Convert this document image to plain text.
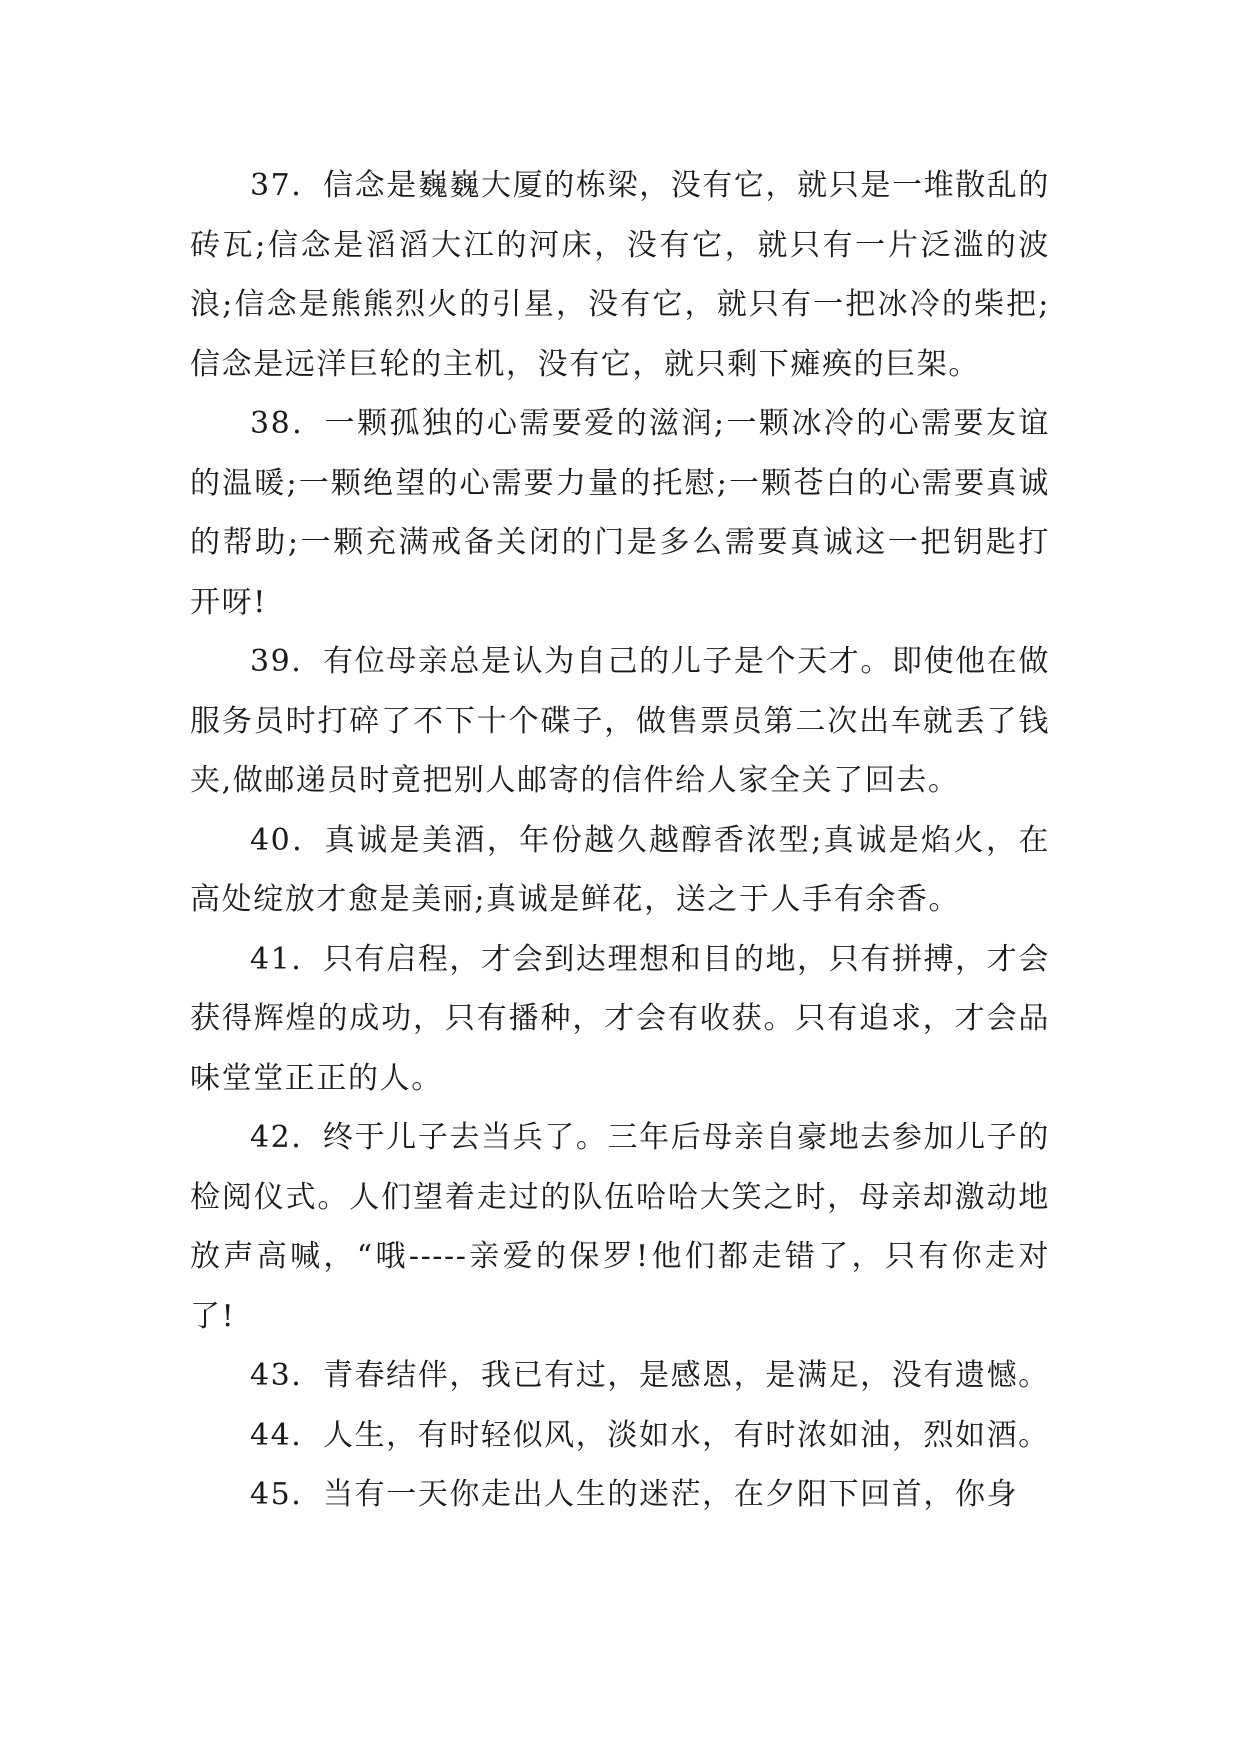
37．信念是巍巍大厦的栋梁，没有它，就只是一堆散乱的砖瓦;信念是滔滔大江的河床，没有它，就只有一片泛滥的波浪;信念是熊熊烈火的引星，没有它，就只有一把冰冷的柴把;信念是远洋巨轮的主机，没有它，就只剩下瘫痪的巨架。

38．一颗孤独的心需要爱的滋润;一颗冰冷的心需要友谊的温暖;一颗绝望的心需要力量的托慰;一颗苍白的心需要真诚的帮助;一颗充满戒备关闭的门是多么需要真诚这一把钥匙打开呀!

39．有位母亲总是认为自己的儿子是个天才。即使他在做服务员时打碎了不下十个碟子，做售票员第二次出车就丢了钱夹,做邮递员时竟把别人邮寄的信件给人家全关了回去。

40．真诚是美酒，年份越久越醇香浓型;真诚是焰火，在高处绽放才愈是美丽;真诚是鲜花，送之于人手有余香。

41．只有启程，才会到达理想和目的地，只有拼搏，才会获得辉煌的成功，只有播种，才会有收获。只有追求，才会品味堂堂正正的人。

42．终于儿子去当兵了。三年后母亲自豪地去参加儿子的检阅仪式。人们望着走过的队伍哈哈大笑之时，母亲却激动地放声高喊，“哦-----亲爱的保罗!他们都走错了，只有你走对了!

43．青春结伴，我已有过，是感恩，是满足，没有遗憾。

44．人生，有时轻似风，淡如水，有时浓如油，烈如酒。

45．当有一天你走出人生的迷茫，在夕阳下回首，你身
